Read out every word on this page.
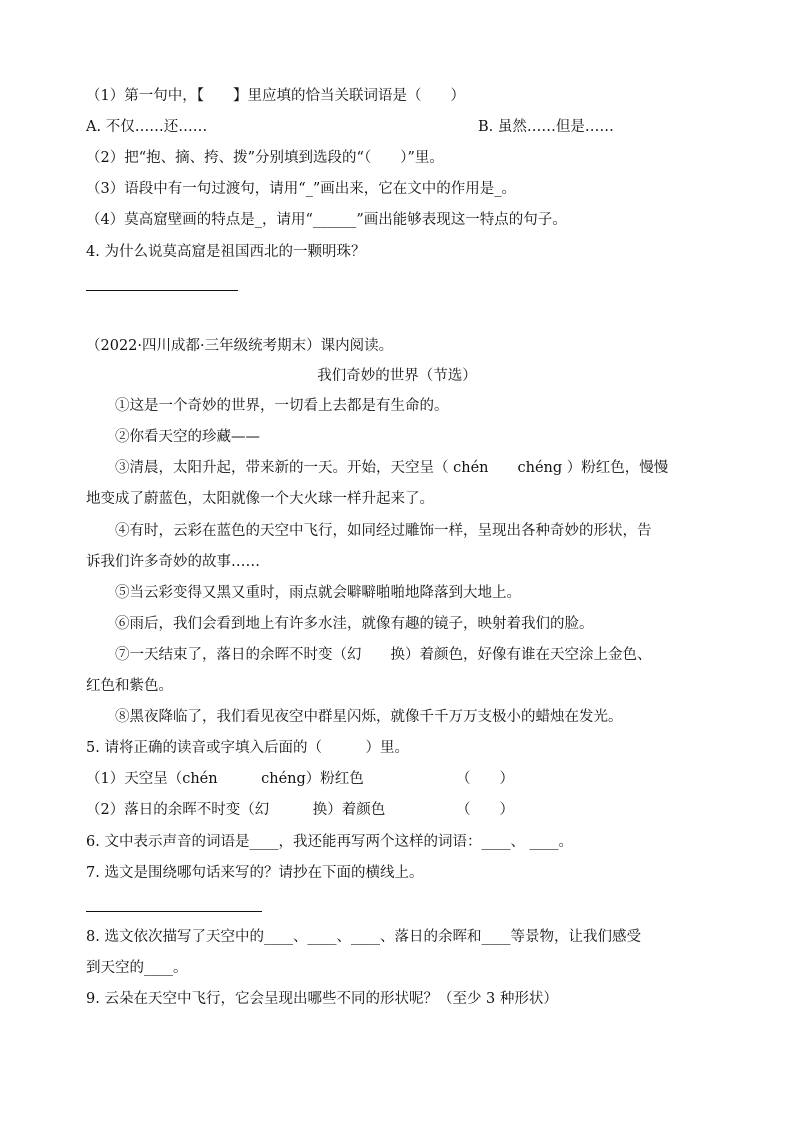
（1）第一句中，【　　】里应填的恰当关联词语是（　　）
A. 不仅……还……	B. 虽然……但是……
（2）把“抱、摘、挎、拨”分别填到选段的“（　　）”里。
（3）语段中有一句过渡句，请用“_”画出来，它在文中的作用是_。
（4）莫高窟壁画的特点是_，请用“______”画出能够表现这一特点的句子。
4. 为什么说莫高窟是祖国西北的一颗明珠？
（2022·四川成都·三年级统考期末）课内阅读。
我们奇妙的世界（节选）
①这是一个奇妙的世界，一切看上去都是有生命的。
②你看天空的珍藏——
③清晨，太阳升起，带来新的一天。开始，天空呈（ chén　　chéng ）粉红色，慢慢
地变成了蔚蓝色，太阳就像一个大火球一样升起来了。
④有时，云彩在蓝色的天空中飞行，如同经过雕饰一样，呈现出各种奇妙的形状，告
诉我们许多奇妙的故事……
⑤当云彩变得又黑又重时，雨点就会噼噼啪啪地降落到大地上。
⑥雨后，我们会看到地上有许多水洼，就像有趣的镜子，映射着我们的脸。
⑦一天结束了，落日的余晖不时变（幻　　换）着颜色，好像有谁在天空涂上金色、
红色和紫色。
⑧黑夜降临了，我们看见夜空中群星闪烁，就像千千万万支极小的蜡烛在发光。
5. 请将正确的读音或字填入后面的（　　　）里。
（1）天空呈（chén　　　chéng）粉红色	（　　）
（2）落日的余晖不时变（幻　　　换）着颜色	（　　）
6. 文中表示声音的词语是____，我还能再写两个这样的词语：____、 ____。
7. 选文是围绕哪句话来写的？请抄在下面的横线上。
8. 选文依次描写了天空中的____、____、____、落日的余晖和____等景物，让我们感受
到天空的____。
9. 云朵在天空中飞行，它会呈现出哪些不同的形状呢？（至少 3 种形状）
